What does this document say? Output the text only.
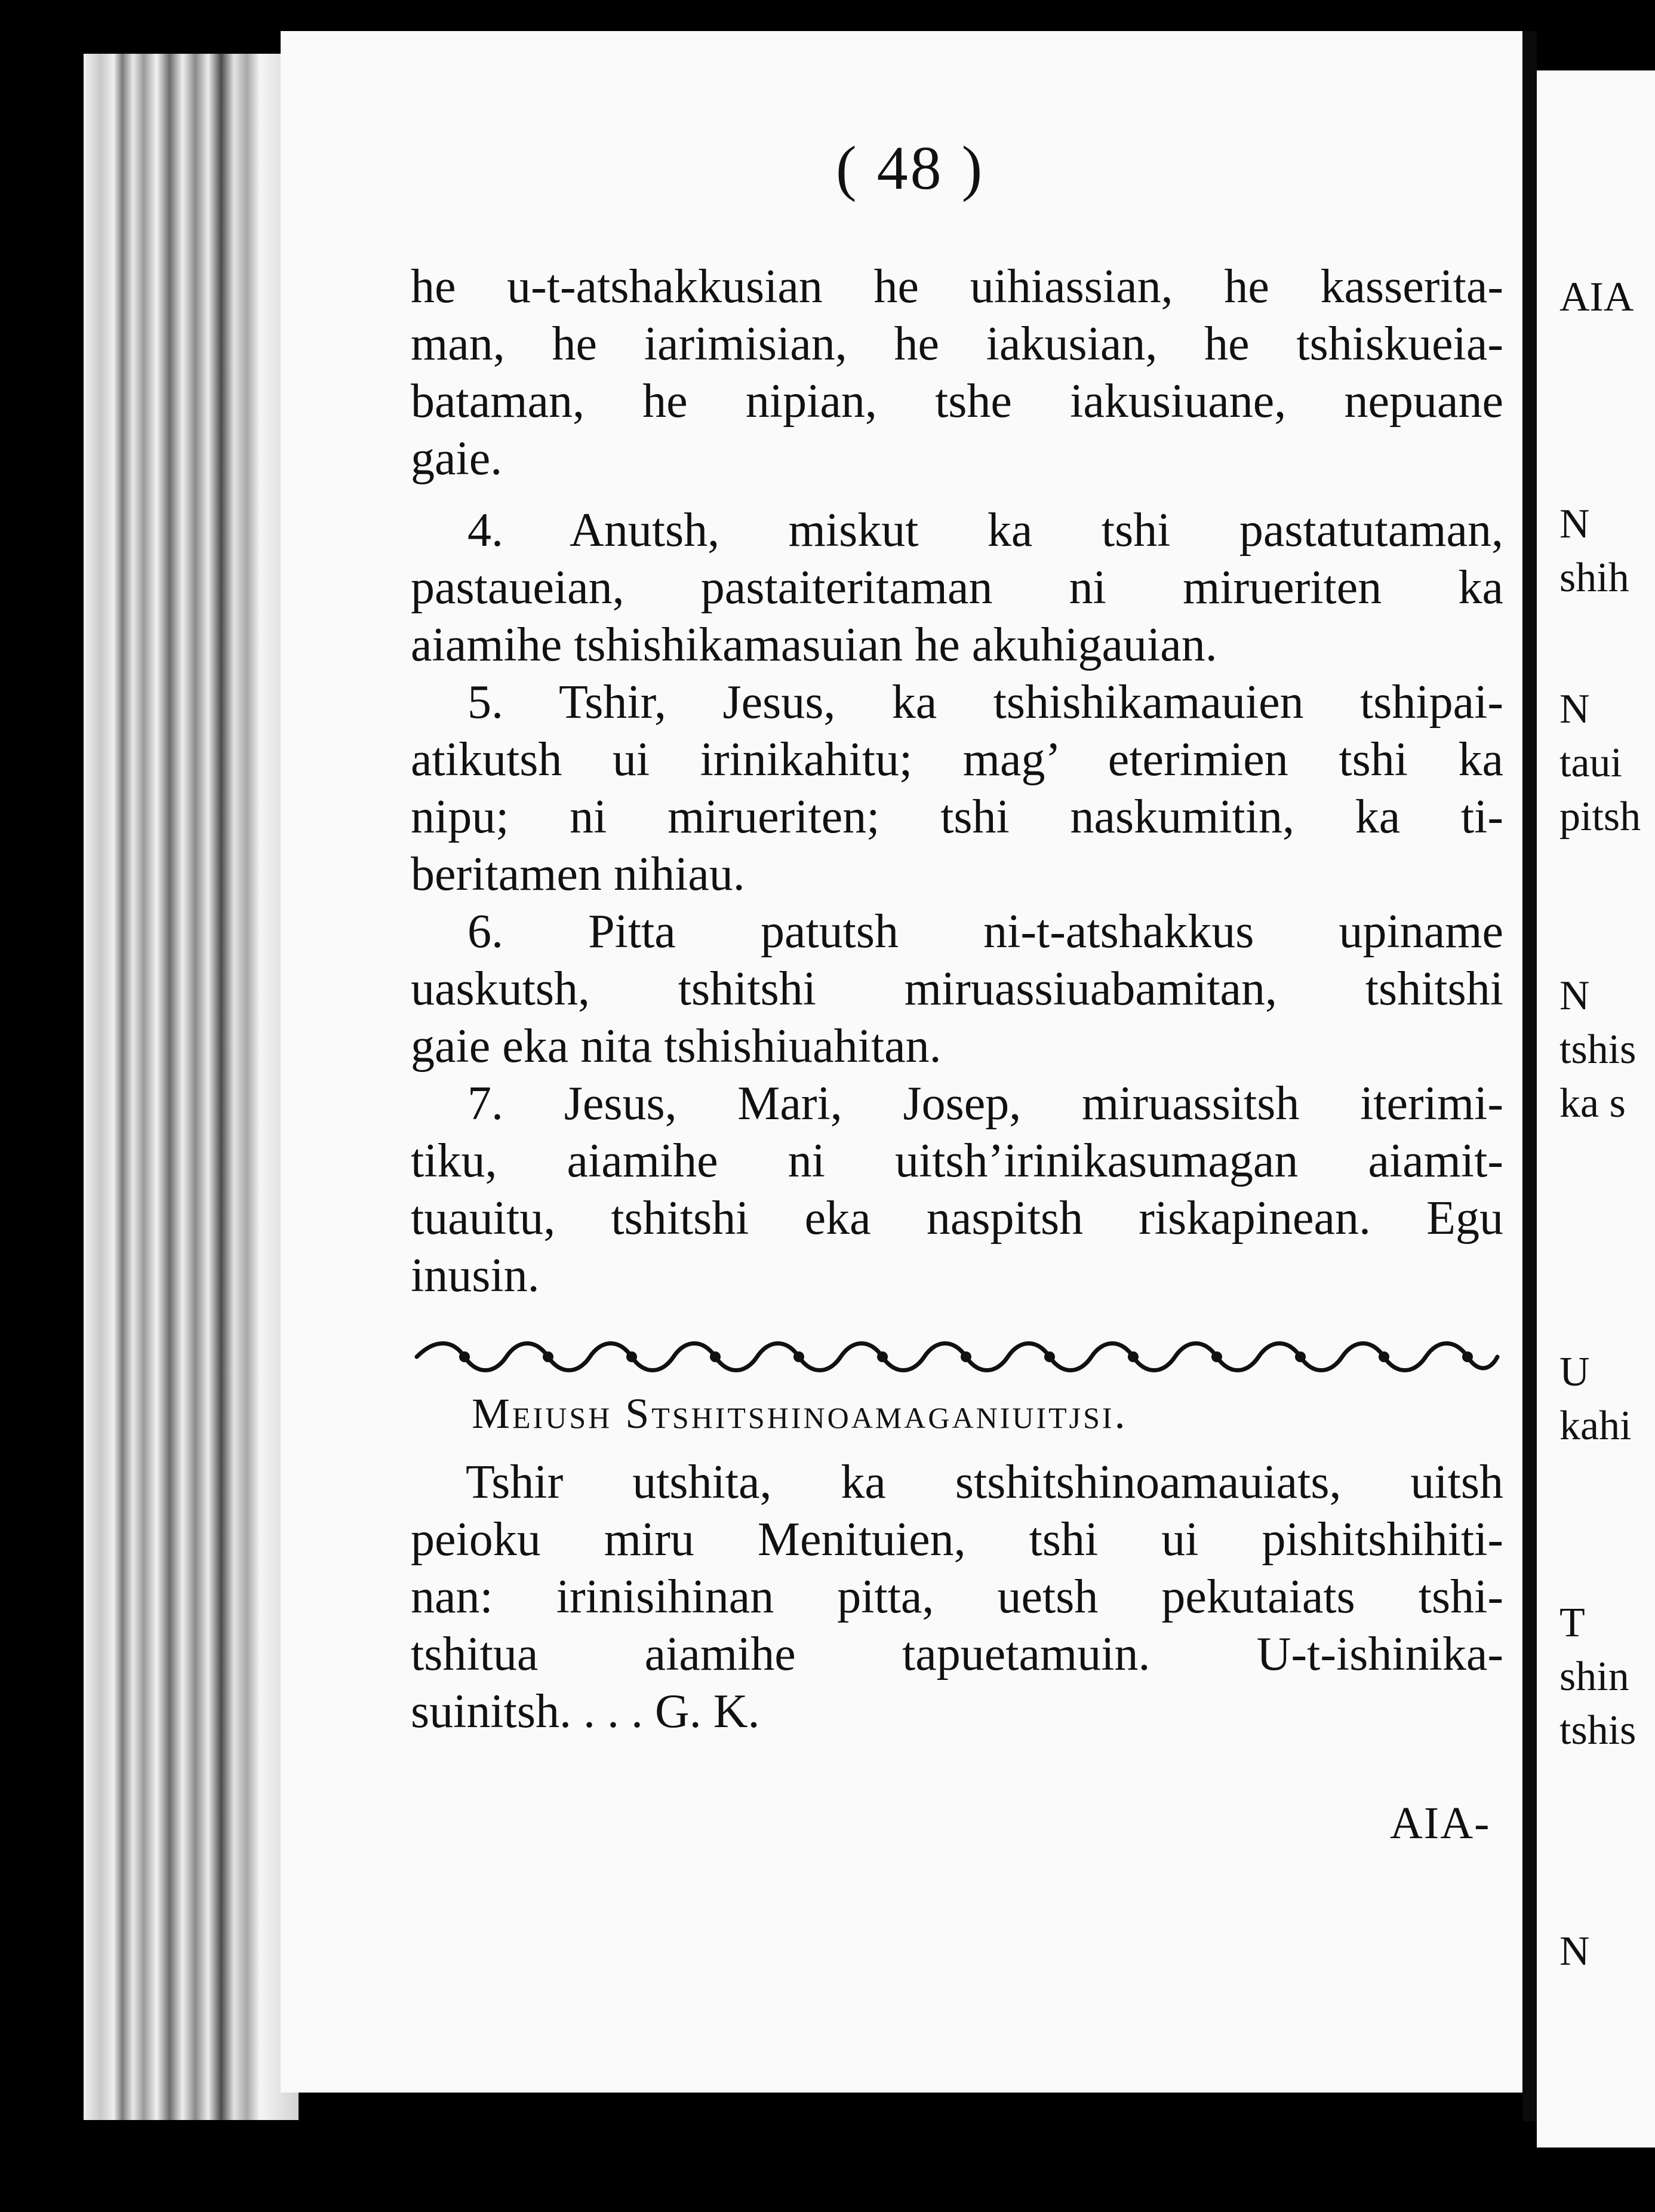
AIA
N
shih
N
taui
pitsh
N
tshis
ka s
U
kahi
T
shin
tshis
N
( 48 )
he u-t-atshakkusian he uihiassian, he kasserita-
man, he iarimisian, he iakusian, he tshiskueia-
bataman, he nipian, tshe iakusiuane, nepuane
gaie.
4. Anutsh, miskut ka tshi pastatutaman,
pastaueian, pastaiteritaman ni mirueriten ka
aiamihe tshishikamasuian he akuhigauian.
5. Tshir, Jesus, ka tshishikamauien tshipai-
atikutsh ui irinikahitu; mag’ eterimien tshi ka
nipu; ni mirueriten; tshi naskumitin, ka ti-
beritamen nihiau.
6. Pitta patutsh ni-t-atshakkus upiname
uaskutsh, tshitshi miruassiuabamitan, tshitshi
gaie eka nita tshishiuahitan.
7. Jesus, Mari, Josep, miruassitsh iterimi-
tiku, aiamihe ni uitsh’irinikasumagan aiamit-
tuauitu, tshitshi eka naspitsh riskapinean. Egu
inusin.
Meiush Stshitshinoamaganiuitjsi.
Tshir utshita, ka stshitshinoamauiats, uitsh
peioku miru Menituien, tshi ui pishitshihiti-
nan: irinisihinan pitta, uetsh pekutaiats tshi-
tshitua aiamihe tapuetamuin. U-t-ishinika-
suinitsh. . . . G. K.
AIA-
